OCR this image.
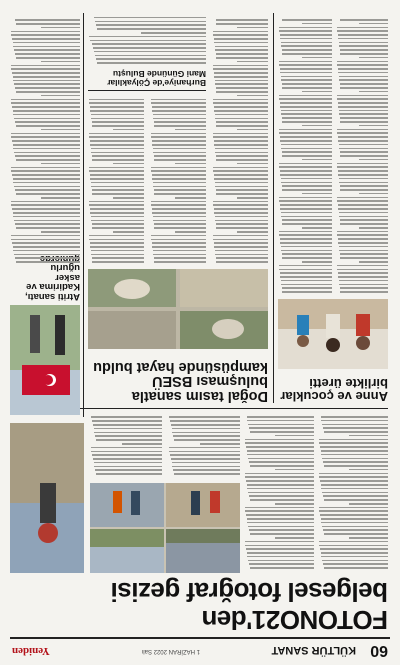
60
KÜLTÜR SANAT
1 HAZİRAN 2022 Salı
Yeniden
FOTONO21'den
belgesel fotoğraf gezisi
Anne ve çocuklar
birlikte üretti
Doğal tasım sanatla
buluşması BSEÜ
kampüsünde hayat buldu
Burhaniye'de Çölyaklılar
Mani Gününde Buluştu
Atriti sanatı,
Kadirima ve asker
uğurlu
